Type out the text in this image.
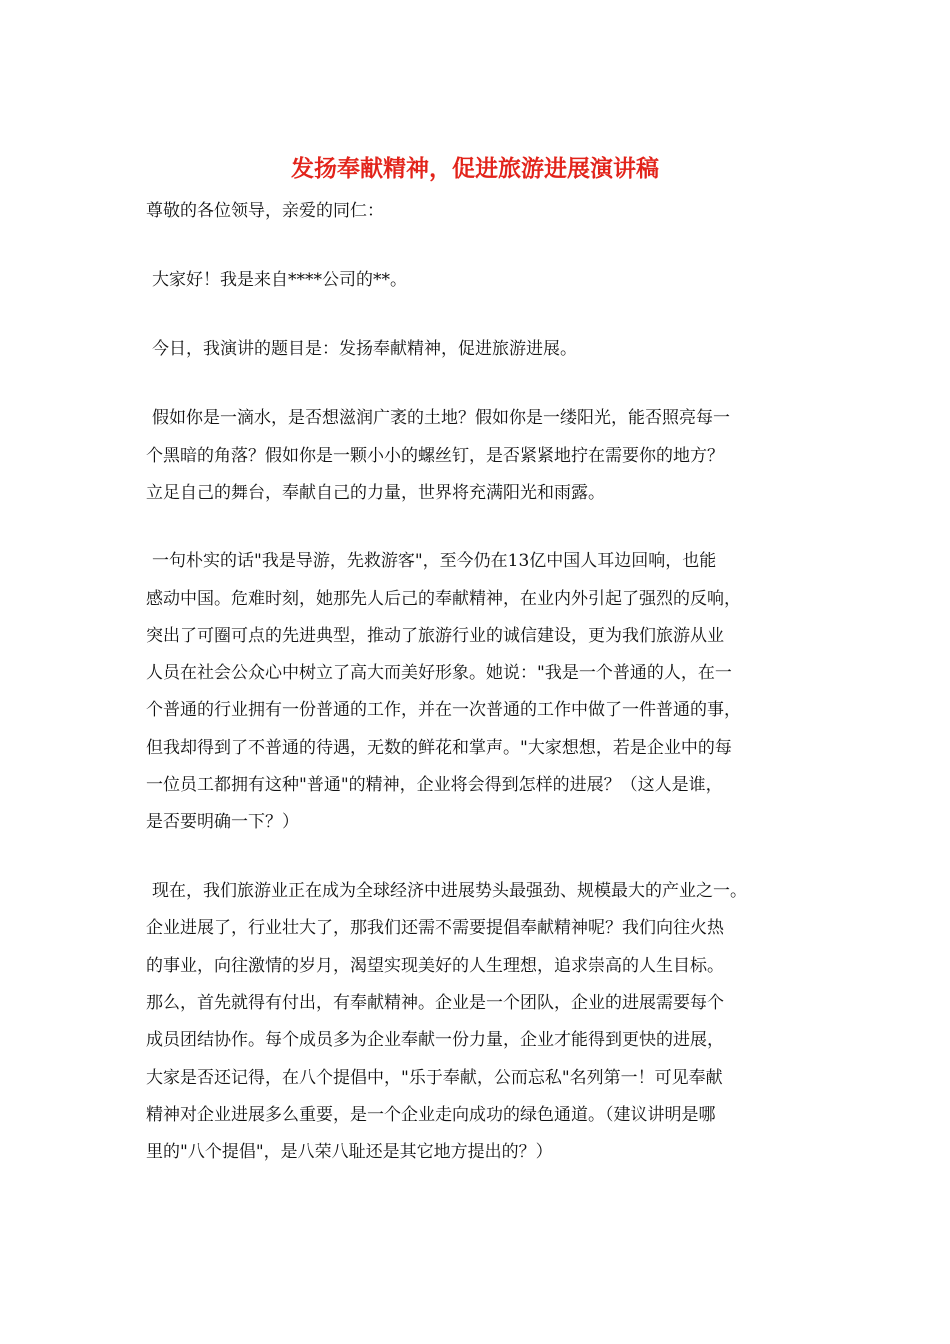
发扬奉献精神，促进旅游进展演讲稿
尊敬的各位领导，亲爱的同仁：
大家好！我是来自****公司的**。
今日，我演讲的题目是：发扬奉献精神，促进旅游进展。
假如你是一滴水，是否想滋润广袤的土地？假如你是一缕阳光，能否照亮每一
个黑暗的角落？假如你是一颗小小的螺丝钉，是否紧紧地拧在需要你的地方？
立足自己的舞台，奉献自己的力量，世界将充满阳光和雨露。
一句朴实的话"我是导游，先救游客"，至今仍在13亿中国人耳边回响，也能
感动中国。危难时刻，她那先人后己的奉献精神，在业内外引起了强烈的反响，
突出了可圈可点的先进典型，推动了旅游行业的诚信建设，更为我们旅游从业
人员在社会公众心中树立了高大而美好形象。她说："我是一个普通的人，在一
个普通的行业拥有一份普通的工作，并在一次普通的工作中做了一件普通的事，
但我却得到了不普通的待遇，无数的鲜花和掌声。"大家想想，若是企业中的每
一位员工都拥有这种"普通"的精神，企业将会得到怎样的进展？（这人是谁，
是否要明确一下？）
现在，我们旅游业正在成为全球经济中进展势头最强劲、规模最大的产业之一。
企业进展了，行业壮大了，那我们还需不需要提倡奉献精神呢？我们向往火热
的事业，向往激情的岁月，渴望实现美好的人生理想，追求崇高的人生目标。
那么，首先就得有付出，有奉献精神。企业是一个团队，企业的进展需要每个
成员团结协作。每个成员多为企业奉献一份力量，企业才能得到更快的进展，
大家是否还记得，在八个提倡中，"乐于奉献，公而忘私"名列第一！可见奉献
精神对企业进展多么重要，是一个企业走向成功的绿色通道。（建议讲明是哪
里的"八个提倡"，是八荣八耻还是其它地方提出的？）
